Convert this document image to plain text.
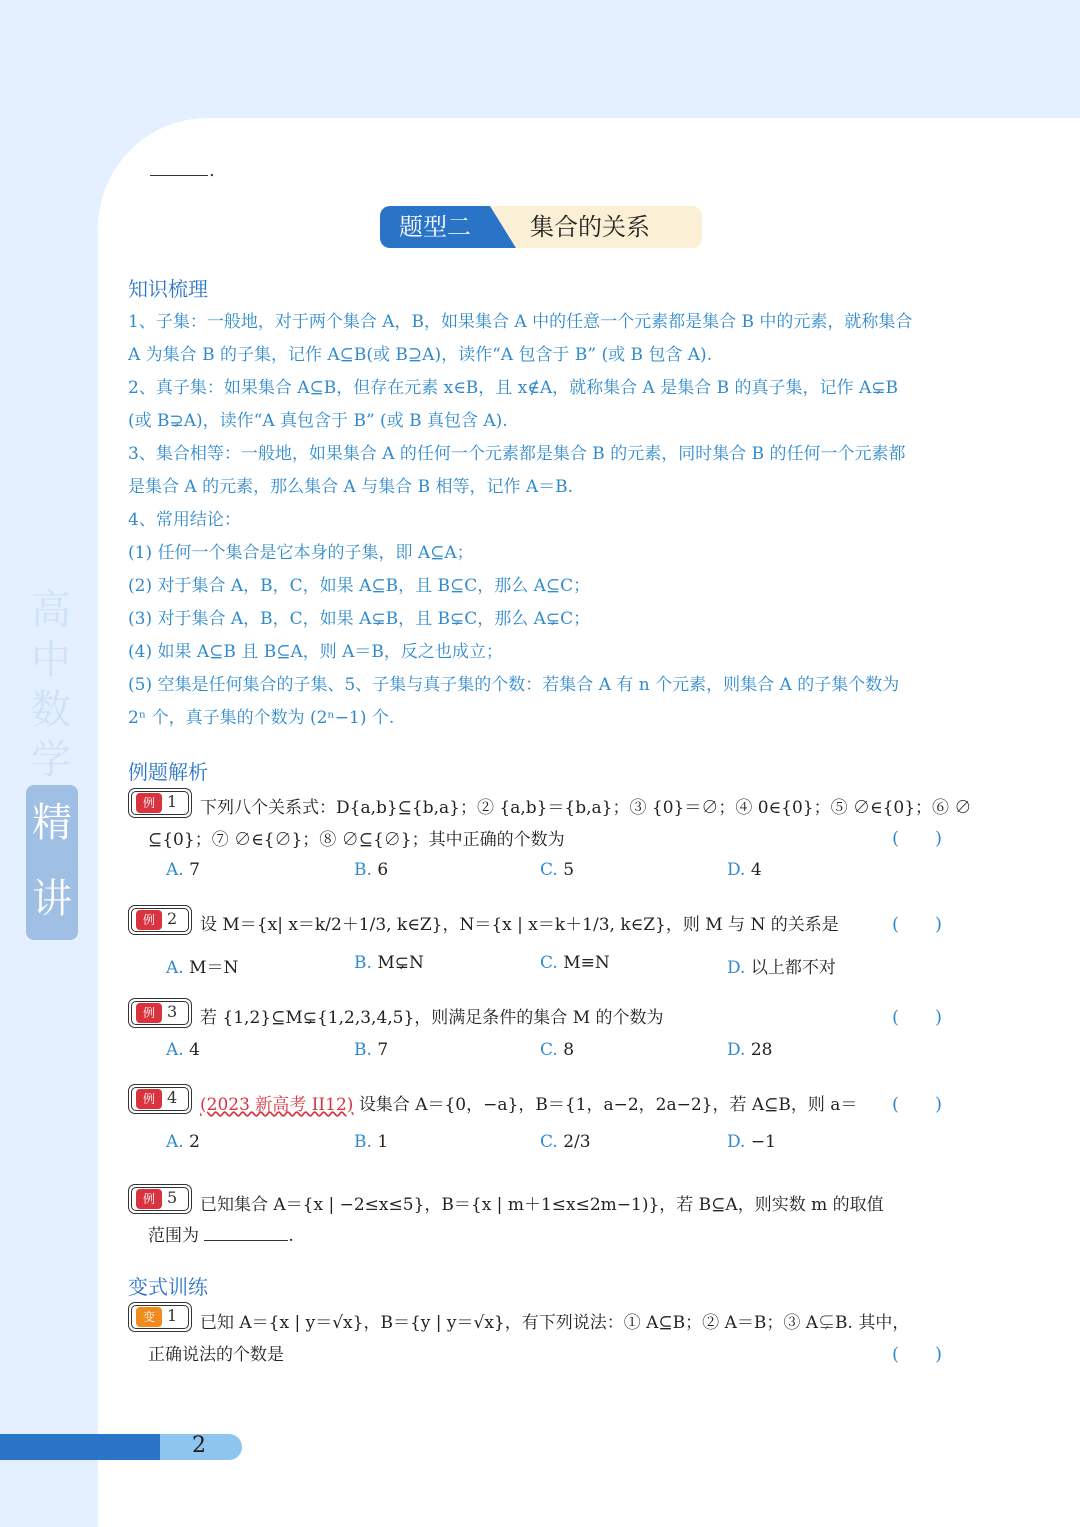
高
中
数
学
精
讲
.
题型二	集合的关系
知识梳理
1、子集：一般地，对于两个集合 A，B，如果集合 A 中的任意一个元素都是集合 B 中的元素，就称集合
A 为集合 B 的子集，记作 A⊆B(或 B⊇A)，读作“A 包含于 B” (或 B 包含 A).
2、真子集：如果集合 A⊆B，但存在元素 x∈B，且 x∉A，就称集合 A 是集合 B 的真子集，记作 A⊊B
(或 B⊋A)，读作“A 真包含于 B” (或 B 真包含 A).
3、集合相等：一般地，如果集合 A 的任何一个元素都是集合 B 的元素，同时集合 B 的任何一个元素都
是集合 A 的元素，那么集合 A 与集合 B 相等，记作 A＝B.
4、常用结论：
(1) 任何一个集合是它本身的子集，即 A⊆A；
(2) 对于集合 A，B，C，如果 A⊆B，且 B⊆C，那么 A⊆C；
(3) 对于集合 A，B，C，如果 A⊊B，且 B⊊C，那么 A⊊C；
(4) 如果 A⊆B 且 B⊆A，则 A＝B，反之也成立；
(5) 空集是任何集合的子集、5、子集与真子集的个数：若集合 A 有 n 个元素，则集合 A 的子集个数为
2ⁿ 个，真子集的个数为 (2ⁿ−1) 个.
例题解析
例 1 下列八个关系式：D{a,b}⊆{b,a}；② {a,b}＝{b,a}；③ {0}＝∅；④ 0∈{0}；⑤ ∅∈{0}；⑥ ∅
⊆{0}；⑦ ∅∈{∅}；⑧ ∅⊆{∅}；其中正确的个数为	(　　)
A. 7	B. 6	C. 5	D. 4
例 2 设 M＝{x| x＝k/2＋1/3, k∈Z}，N＝{x | x＝k＋1/3, k∈Z}，则 M 与 N 的关系是	(　　)
A. M＝N	B. M⊊N	C. M≡N	D. 以上都不对
例 3 若 {1,2}⊆M⊊{1,2,3,4,5}，则满足条件的集合 M 的个数为	(　　)
A. 4	B. 7	C. 8	D. 28
例 4 (2023 新高考 II12) 设集合 A＝{0，−a}，B＝{1，a−2，2a−2}，若 A⊆B，则 a＝ (　　)
A. 2	B. 1	C. 2/3	D. −1
例 5 已知集合 A＝{x | −2≤x≤5}，B＝{x | m＋1≤x≤2m−1)}，若 B⊆A，则实数 m 的取值
范围为	.
变式训练
变 1 已知 A＝{x | y＝√x}，B＝{y | y＝√x}，有下列说法：① A⊆B；② A＝B；③ A⊊B. 其中，
正确说法的个数是	(　　)
2
